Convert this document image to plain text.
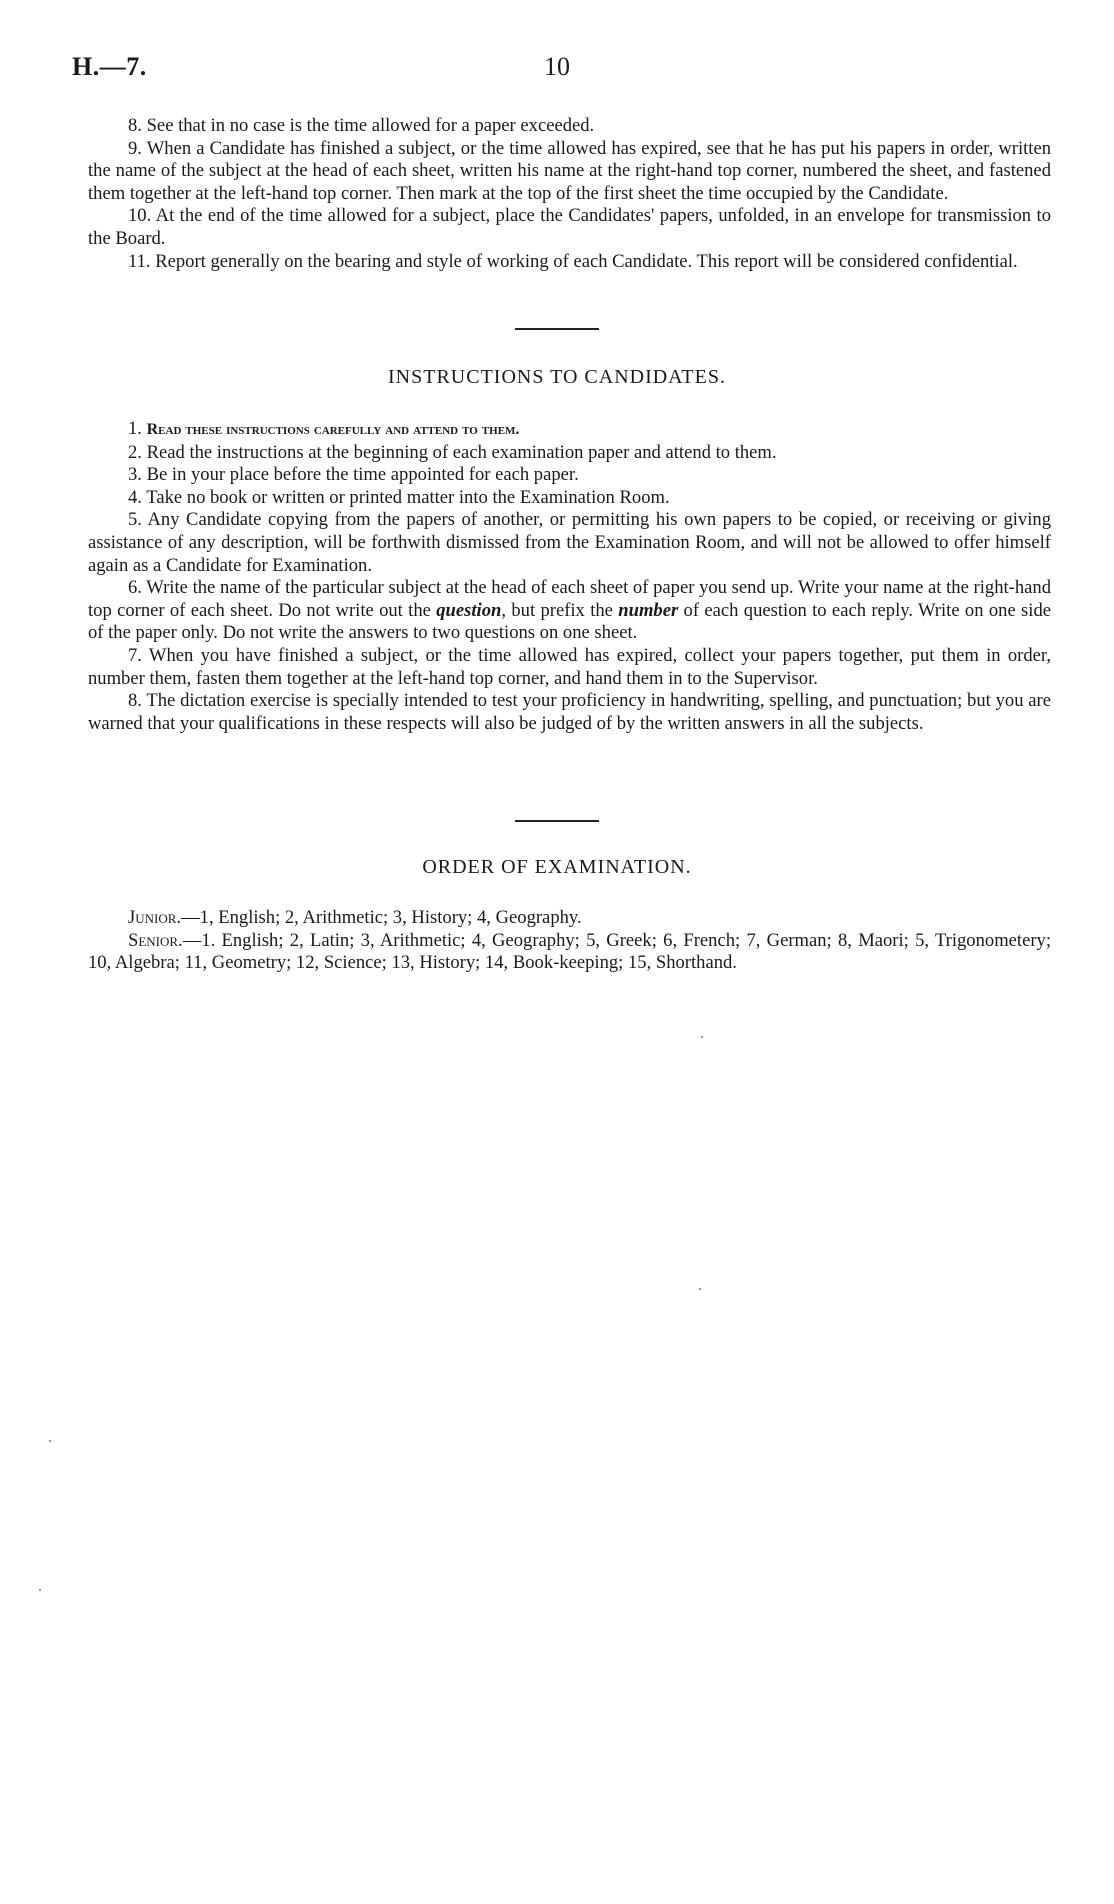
H.—7.	10

8. See that in no case is the time allowed for a paper exceeded.

9. When a Candidate has finished a subject, or the time allowed has expired, see that he has put his papers in order, written the name of the subject at the head of each sheet, written his name at the right-hand top corner, numbered the sheet, and fastened them together at the left-hand top corner. Then mark at the top of the first sheet the time occupied by the Candidate.

10. At the end of the time allowed for a subject, place the Candidates' papers, unfolded, in an envelope for transmission to the Board.

11. Report generally on the bearing and style of working of each Candidate. This report will be considered confidential.

INSTRUCTIONS TO CANDIDATES.

1. Read these instructions carefully and attend to them.

2. Read the instructions at the beginning of each examination paper and attend to them.

3. Be in your place before the time appointed for each paper.

4. Take no book or written or printed matter into the Examination Room.

5. Any Candidate copying from the papers of another, or permitting his own papers to be copied, or receiving or giving assistance of any description, will be forthwith dismissed from the Examination Room, and will not be allowed to offer himself again as a Candidate for Examination.

6. Write the name of the particular subject at the head of each sheet of paper you send up. Write your name at the right-hand top corner of each sheet. Do not write out the question, but prefix the number of each question to each reply. Write on one side of the paper only. Do not write the answers to two questions on one sheet.

7. When you have finished a subject, or the time allowed has expired, collect your papers together, put them in order, number them, fasten them together at the left-hand top corner, and hand them in to the Supervisor.

8. The dictation exercise is specially intended to test your proficiency in handwriting, spelling, and punctuation; but you are warned that your qualifications in these respects will also be judged of by the written answers in all the subjects.

ORDER OF EXAMINATION.

Junior.—1, English; 2, Arithmetic; 3, History; 4, Geography.

Senior.—1. English; 2, Latin; 3, Arithmetic; 4, Geography; 5, Greek; 6, French; 7, German; 8, Maori; 5, Trigonometery; 10, Algebra; 11, Geometry; 12, Science; 13, History; 14, Book-keeping; 15, Shorthand.
